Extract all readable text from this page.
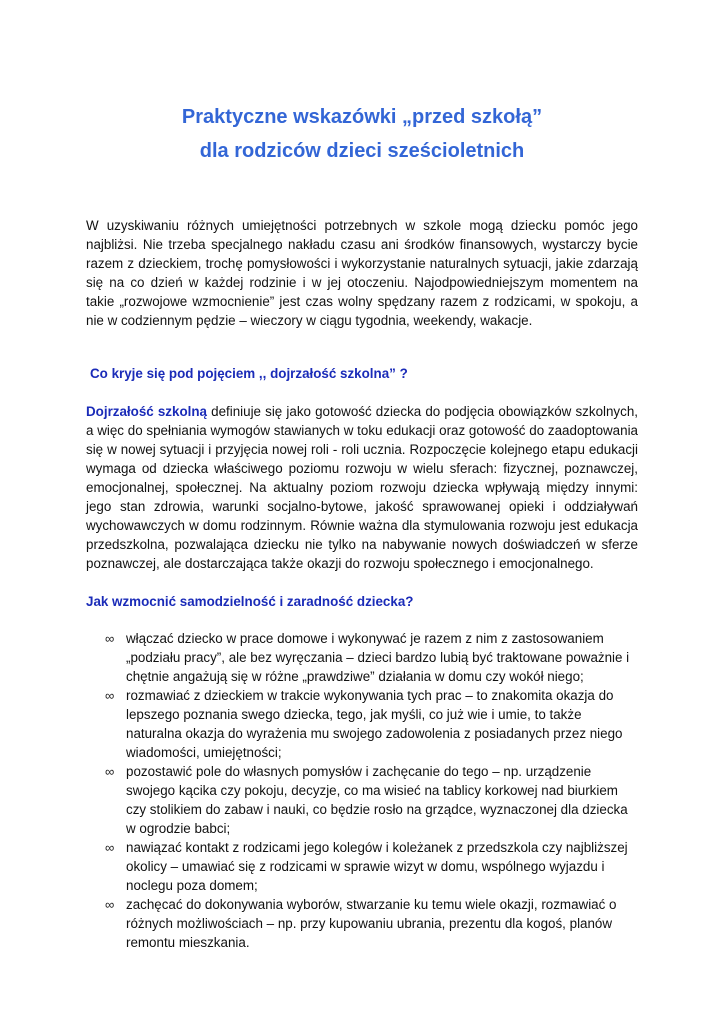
Praktyczne wskazówki „przed szkołą”
dla rodziców dzieci sześcioletnich

W uzyskiwaniu różnych umiejętności potrzebnych w szkole mogą dziecku pomóc jego najbliżsi. Nie trzeba specjalnego nakładu czasu ani środków finansowych, wystarczy bycie razem z dzieckiem, trochę pomysłowości i wykorzystanie naturalnych sytuacji, jakie zdarzają się na co dzień w każdej rodzinie i w jej otoczeniu. Najodpowiedniejszym momentem na takie „rozwojowe wzmocnienie” jest czas wolny spędzany razem z rodzicami, w spokoju, a nie w codziennym pędzie – wieczory w ciągu tygodnia, weekendy, wakacje.

Co kryje się pod pojęciem ,, dojrzałość szkolna” ?

Dojrzałość szkolną definiuje się jako gotowość dziecka do podjęcia obowiązków szkolnych, a więc do spełniania wymogów stawianych w toku edukacji oraz gotowość do zaadoptowania się w nowej sytuacji i przyjęcia nowej roli - roli ucznia. Rozpoczęcie kolejnego etapu edukacji wymaga od dziecka właściwego poziomu rozwoju w wielu sferach: fizycznej, poznawczej, emocjonalnej, społecznej. Na aktualny poziom rozwoju dziecka wpływają między innymi: jego stan zdrowia, warunki socjalno-bytowe, jakość sprawowanej opieki i oddziaływań wychowawczych w domu rodzinnym. Równie ważna dla stymulowania rozwoju jest edukacja przedszkolna, pozwalająca dziecku nie tylko na nabywanie nowych doświadczeń w sferze poznawczej, ale dostarczająca także okazji do rozwoju społecznego i emocjonalnego.

Jak wzmocnić samodzielność i zaradność dziecka?
∞ włączać dziecko w prace domowe i wykonywać je razem z nim z zastosowaniem „podziału pracy”, ale bez wyręczania – dzieci bardzo lubią być traktowane poważnie i chętnie angażują się w różne „prawdziwe” działania w domu czy wokół niego;
∞ rozmawiać z dzieckiem w trakcie wykonywania tych prac – to znakomita okazja do lepszego poznania swego dziecka, tego, jak myśli, co już wie i umie, to także naturalna okazja do wyrażenia mu swojego zadowolenia z posiadanych przez niego wiadomości, umiejętności;
∞ pozostawić pole do własnych pomysłów i zachęcanie do tego – np. urządzenie swojego kącika czy pokoju, decyzje, co ma wisieć na tablicy korkowej nad biurkiem czy stolikiem do zabaw i nauki, co będzie rosło na grządce, wyznaczonej dla dziecka w ogrodzie babci;
∞ nawiązać kontakt z rodzicami jego kolegów i koleżanek z przedszkola czy najbliższej okolicy – umawiać się z rodzicami w sprawie wizyt w domu, wspólnego wyjazdu i noclegu poza domem;
∞ zachęcać do dokonywania wyborów, stwarzanie ku temu wiele okazji, rozmawiać o różnych możliwościach – np. przy kupowaniu ubrania, prezentu dla kogoś, planów remontu mieszkania.
